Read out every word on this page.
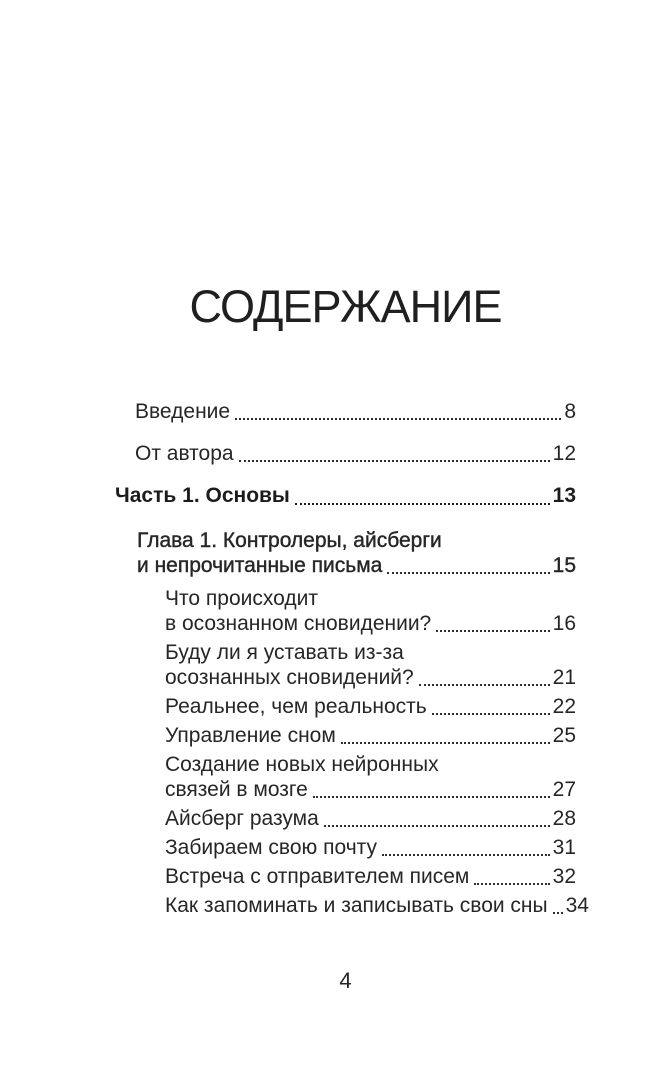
СОДЕРЖАНИЕ
Введение	8
От автора	12
Часть 1. Основы	13
Глава 1. Контролеры, айсберги
и непрочитанные письма	15
Что происходит
в осознанном сновидении?	16
Буду ли я уставать из-за
осознанных сновидений?	21
Реальнее, чем реальность	22
Управление сном	25
Создание новых нейронных
связей в мозге	27
Айсберг разума	28
Забираем свою почту	31
Встреча с отправителем писем	32
Как запоминать и записывать свои сны 34
4
